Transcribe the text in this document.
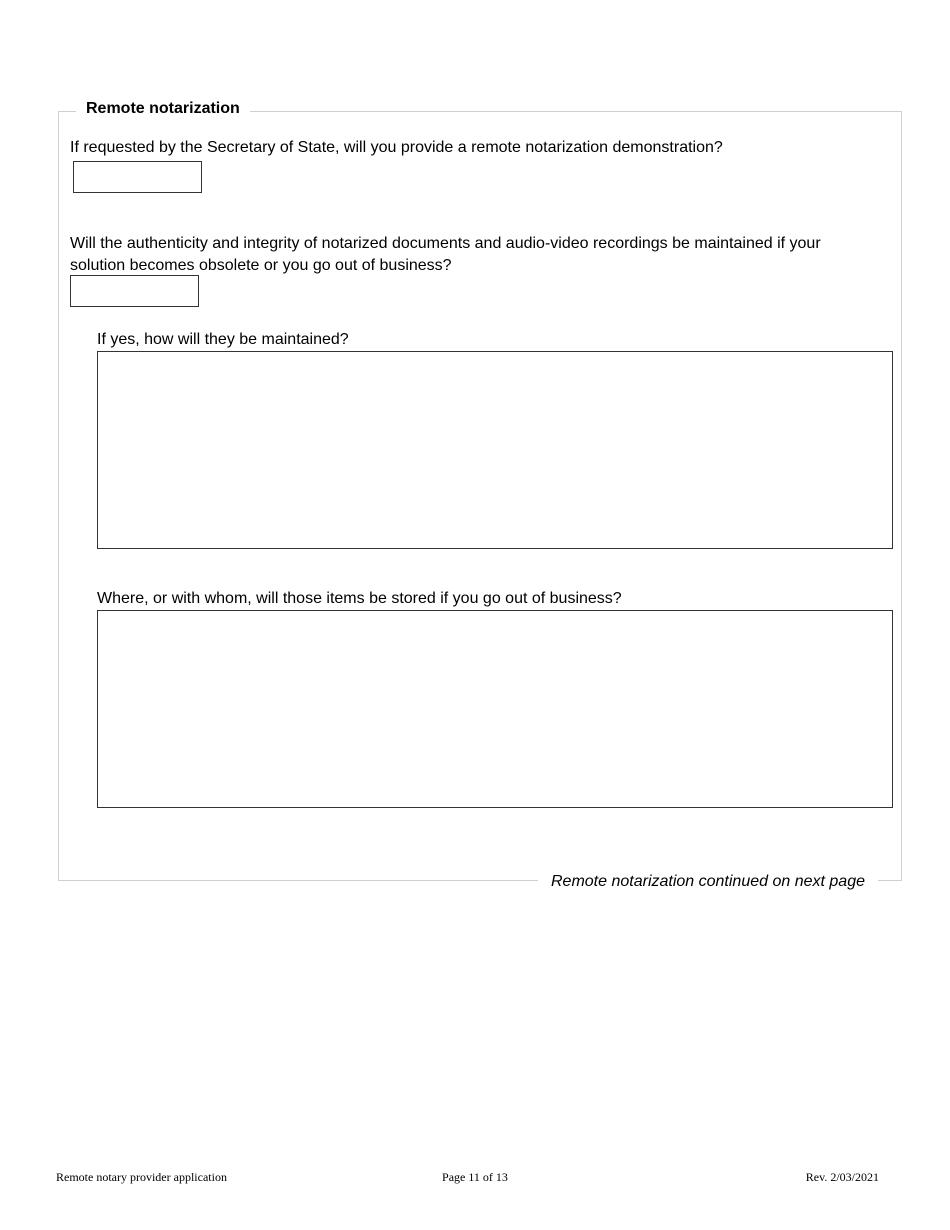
Remote notarization
If requested by the Secretary of State, will you provide a remote notarization demonstration?
Will the authenticity and integrity of notarized documents and audio-video recordings be maintained if your solution becomes obsolete or you go out of business?
If yes, how will they be maintained?
Where, or with whom, will those items be stored if you go out of business?
Remote notarization continued on next page
Remote notary provider application	Page 11 of 13	Rev. 2/03/2021
